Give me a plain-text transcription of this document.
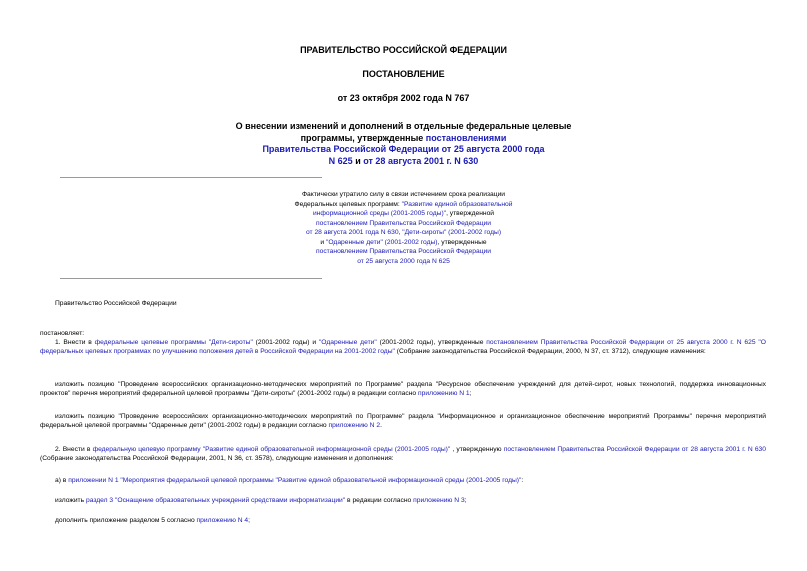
ПРАВИТЕЛЬСТВО РОССИЙСКОЙ ФЕДЕРАЦИИ
ПОСТАНОВЛЕНИЕ
от 23 октября 2002 года N 767
О внесении изменений и дополнений в отдельные федеральные целевые
программы, утвержденные постановлениями
Правительства Российской Федерации от 25 августа 2000 года
N 625 и от 28 августа 2001 г. N 630
Фактически утратило силу в связи истечением срока реализации
Федеральных целевых программ: "Развитие единой образовательной
информационной среды (2001-2005 годы)", утвержденной
постановлением Правительства Российской Федерации
от 28 августа 2001 года N 630, "Дети-сироты" (2001-2002 годы)
и "Одаренные дети" (2001-2002 годы), утвержденные
постановлением Правительства Российской Федерации
от 25 августа 2000 года N 625
Правительство Российской Федерации
постановляет:
1. Внести в федеральные целевые программы "Дети-сироты" (2001-2002 годы) и "Одаренные дети" (2001-2002 годы), утвержденные постановлением Правительства Российской Федерации от 25 августа 2000 г. N 625 "О федеральных целевых программах по улучшению положения детей в Российской Федерации на 2001-2002 годы" (Собрание законодательства Российской Федерации, 2000, N 37, ст. 3712), следующие изменения:
изложить позицию "Проведение всероссийских организационно-методических мероприятий по Программе" раздела "Ресурсное обеспечение учреждений для детей-сирот, новых технологий, поддержка инновационных проектов" перечня мероприятий федеральной целевой программы "Дети-сироты" (2001-2002 годы) в редакции согласно приложению N 1;
изложить позицию "Проведение всероссийских организационно-методических мероприятий по Программе" раздела "Информационное и организационное обеспечение мероприятий Программы" перечня мероприятий федеральной целевой программы "Одаренные дети" (2001-2002 годы) в редакции согласно приложению N 2.
2. Внести в федеральную целевую программу "Развитие единой образовательной информационной среды (2001-2005 годы)" , утвержденную постановлением Правительства Российской Федерации от 28 августа 2001 г. N 630 (Собрание законодательства Российской Федерации, 2001, N 36, ст. 3578), следующие изменения и дополнения:
а) в приложении N 1 "Мероприятия федеральной целевой программы "Развитие единой образовательной информационной среды (2001-2005 годы)":
изложить раздел 3 "Оснащение образовательных учреждений средствами информатизации" в редакции согласно приложению N 3;
дополнить приложение разделом 5 согласно приложению N 4;
